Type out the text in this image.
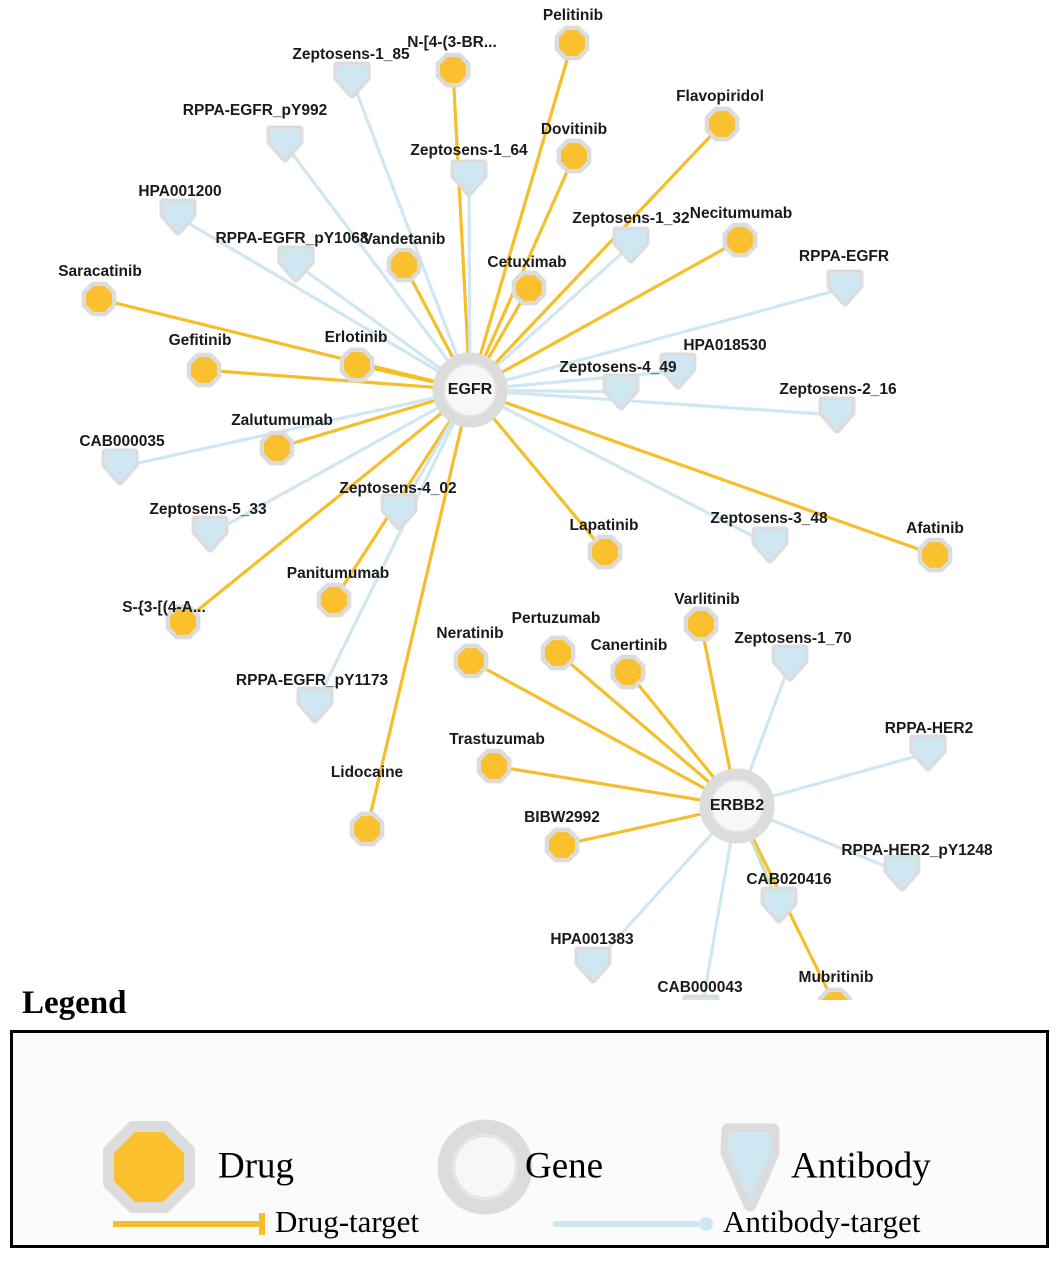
Pelitinib
N-[4-(3-BR...
Flavopiridol
Dovitinib
Necitumumab
Vandetanib
Cetuximab
Saracatinib
Gefitinib	Erlotinib
Zalutumumab
Afatinib
Lapatinib
Varlitinib
Panitumumab
S-{3-[(4-A...
Pertuzumab
Neratinib
Canertinib
Trastuzumab
Lidocaine
BIBW2992
Mubritinib
Zeptosens-1_85
RPPA-EGFR_pY992
Zeptosens-1_64
HPA001200
Zeptosens-1_32
RPPA-EGFR_pY1068
RPPA-EGFR
HPA018530
Zeptosens-4_49
Zeptosens-2_16
CAB000035
Zeptosens-4_02
Zeptosens-5_33
Zeptosens-3_48
Zeptosens-1_70
RPPA-EGFR_pY1173
RPPA-HER2
RPPA-HER2_pY1248
CAB020416
HPA001383
CAB000043
EGFR
ERBB2
Legend
Drug	Gene	Antibody
Drug-target	Antibody-target
